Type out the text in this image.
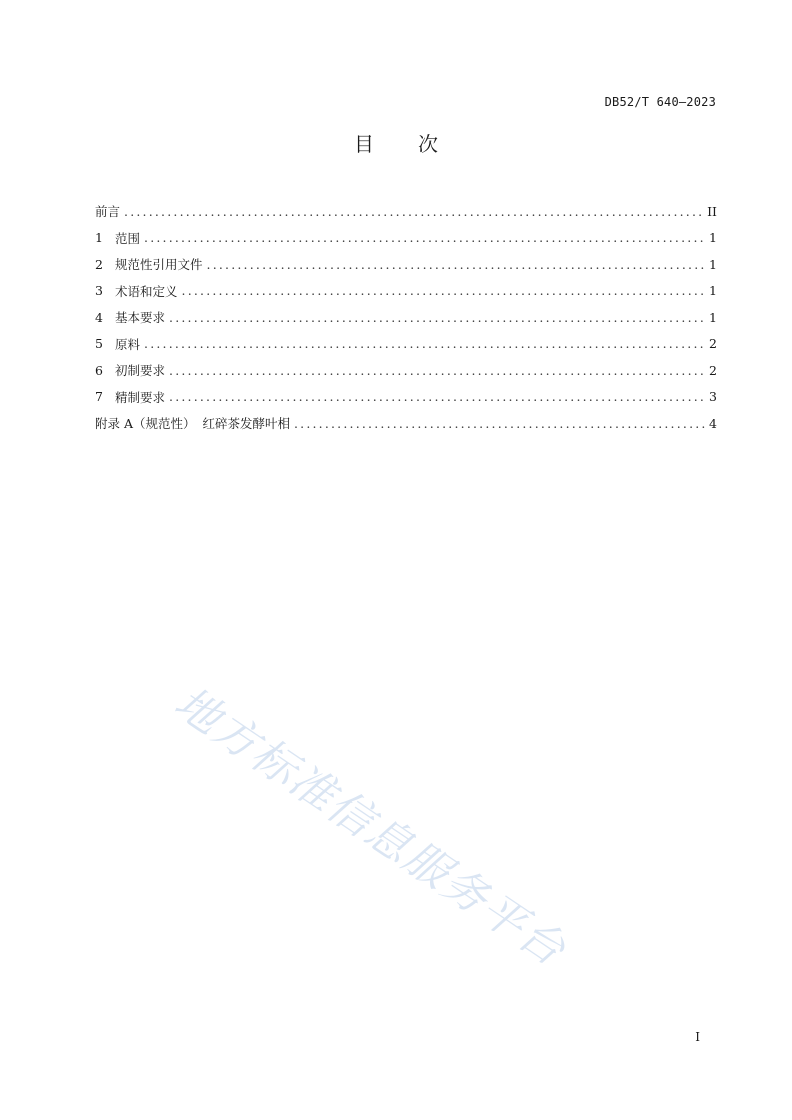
DB52/T 640—2023
目 次
前言 .....	II
1 范围 .....	1
2 规范性引用文件 .....	1
3 术语和定义 .....	1
4 基本要求 .....	1
5 原料 .....	2
6 初制要求 .....	2
7 精制要求 .....	3
附录 A（规范性） 红碎茶发酵叶相 .....	4
地方标准信息服务平台
I
